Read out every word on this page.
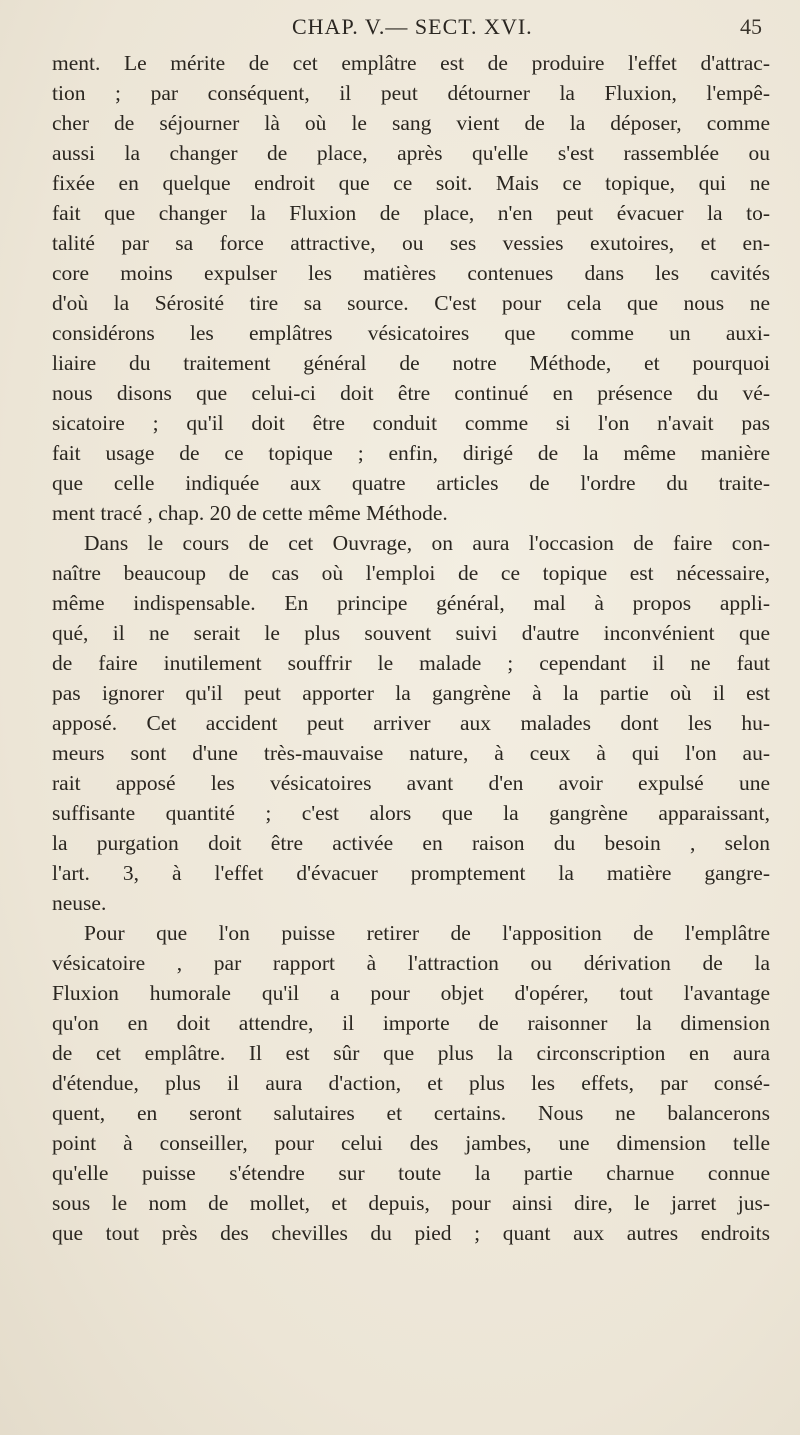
CHAP. V.— SECT. XVI.	45
ment. Le mérite de cet emplâtre est de produire l'effet d'attrac-
tion ; par conséquent, il peut détourner la Fluxion, l'empê-
cher de séjourner là où le sang vient de la déposer, comme
aussi la changer de place, après qu'elle s'est rassemblée ou
fixée en quelque endroit que ce soit. Mais ce topique, qui ne
fait que changer la Fluxion de place, n'en peut évacuer la to-
talité par sa force attractive, ou ses vessies exutoires, et en-
core moins expulser les matières contenues dans les cavités
d'où la Sérosité tire sa source. C'est pour cela que nous ne
considérons les emplâtres vésicatoires que comme un auxi-
liaire du traitement général de notre Méthode, et pourquoi
nous disons que celui-ci doit être continué en présence du vé-
sicatoire ; qu'il doit être conduit comme si l'on n'avait pas
fait usage de ce topique ; enfin, dirigé de la même manière
que celle indiquée aux quatre articles de l'ordre du traite-
ment tracé , chap. 20 de cette même Méthode.
Dans le cours de cet Ouvrage, on aura l'occasion de faire con-
naître beaucoup de cas où l'emploi de ce topique est nécessaire,
même indispensable. En principe général, mal à propos appli-
qué, il ne serait le plus souvent suivi d'autre inconvénient que
de faire inutilement souffrir le malade ; cependant il ne faut
pas ignorer qu'il peut apporter la gangrène à la partie où il est
apposé. Cet accident peut arriver aux malades dont les hu-
meurs sont d'une très-mauvaise nature, à ceux à qui l'on au-
rait apposé les vésicatoires avant d'en avoir expulsé une
suffisante quantité ; c'est alors que la gangrène apparaissant,
la purgation doit être activée en raison du besoin , selon
l'art. 3, à l'effet d'évacuer promptement la matière gangre-
neuse.
Pour que l'on puisse retirer de l'apposition de l'emplâtre
vésicatoire , par rapport à l'attraction ou dérivation de la
Fluxion humorale qu'il a pour objet d'opérer, tout l'avantage
qu'on en doit attendre, il importe de raisonner la dimension
de cet emplâtre. Il est sûr que plus la circonscription en aura
d'étendue, plus il aura d'action, et plus les effets, par consé-
quent, en seront salutaires et certains. Nous ne balancerons
point à conseiller, pour celui des jambes, une dimension telle
qu'elle puisse s'étendre sur toute la partie charnue connue
sous le nom de mollet, et depuis, pour ainsi dire, le jarret jus-
que tout près des chevilles du pied ; quant aux autres endroits
